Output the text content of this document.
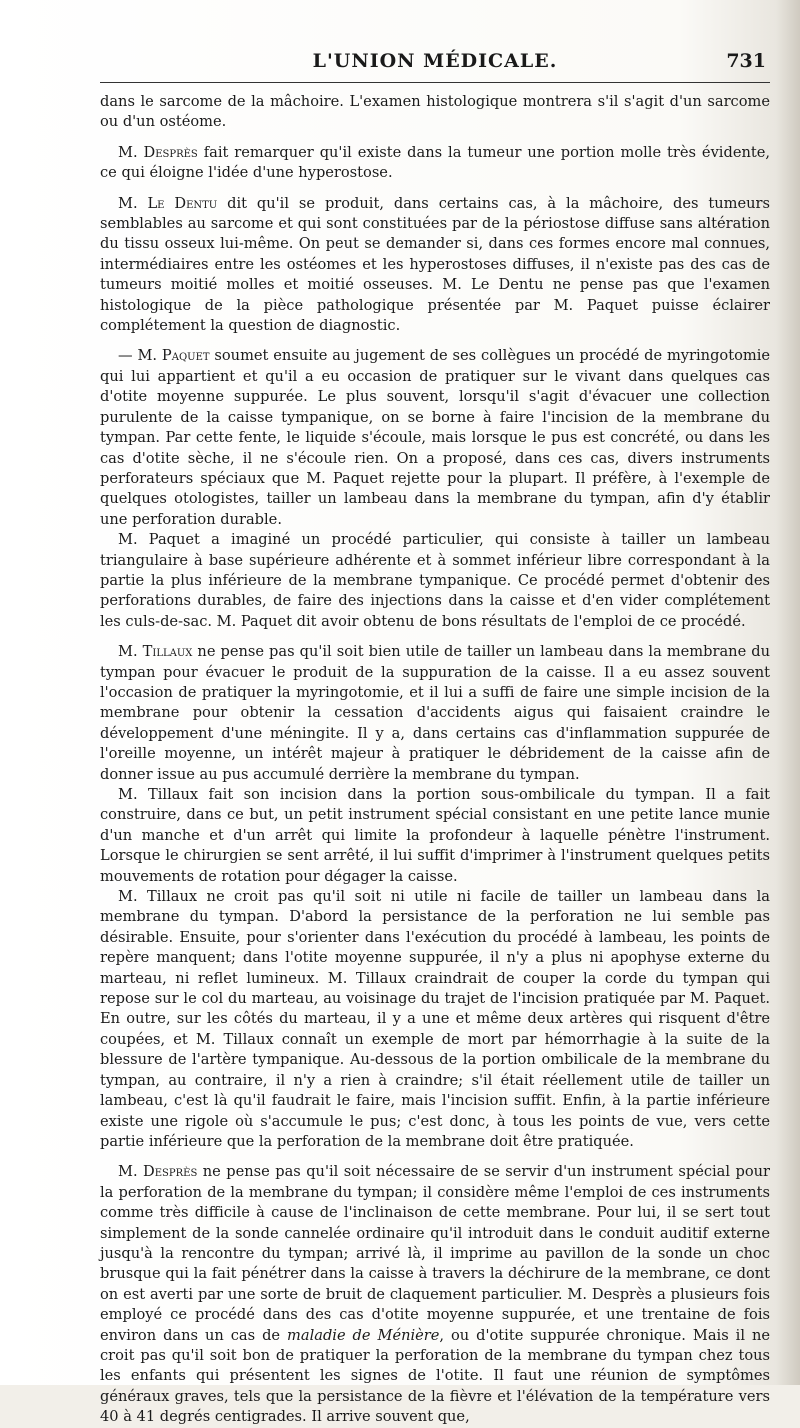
L'UNION MÉDICALE.	731

dans le sarcome de la mâchoire. L'examen histologique montrera s'il s'agit d'un sarcome ou d'un ostéome.

M. Desprès fait remarquer qu'il existe dans la tumeur une portion molle très évidente, ce qui éloigne l'idée d'une hyperostose.

M. Le Dentu dit qu'il se produit, dans certains cas, à la mâchoire, des tumeurs semblables au sarcome et qui sont constituées par de la périostose diffuse sans altération du tissu osseux lui-même. On peut se demander si, dans ces formes encore mal connues, intermédiaires entre les ostéomes et les hyperostoses diffuses, il n'existe pas des cas de tumeurs moitié molles et moitié osseuses. M. Le Dentu ne pense pas que l'examen histologique de la pièce pathologique présentée par M. Paquet puisse éclairer complétement la question de diagnostic.

— M. Paquet soumet ensuite au jugement de ses collègues un procédé de myringotomie qui lui appartient et qu'il a eu occasion de pratiquer sur le vivant dans quelques cas d'otite moyenne suppurée. Le plus souvent, lorsqu'il s'agit d'évacuer une collection purulente de la caisse tympanique, on se borne à faire l'incision de la membrane du tympan. Par cette fente, le liquide s'écoule, mais lorsque le pus est concrété, ou dans les cas d'otite sèche, il ne s'écoule rien. On a proposé, dans ces cas, divers instruments perforateurs spéciaux que M. Paquet rejette pour la plupart. Il préfère, à l'exemple de quelques otologistes, tailler un lambeau dans la membrane du tympan, afin d'y établir une perforation durable.

M. Paquet a imaginé un procédé particulier, qui consiste à tailler un lambeau triangulaire à base supérieure adhérente et à sommet inférieur libre correspondant à la partie la plus inférieure de la membrane tympanique. Ce procédé permet d'obtenir des perforations durables, de faire des injections dans la caisse et d'en vider complétement les culs-de-sac. M. Paquet dit avoir obtenu de bons résultats de l'emploi de ce procédé.

M. Tillaux ne pense pas qu'il soit bien utile de tailler un lambeau dans la membrane du tympan pour évacuer le produit de la suppuration de la caisse. Il a eu assez souvent l'occasion de pratiquer la myringotomie, et il lui a suffi de faire une simple incision de la membrane pour obtenir la cessation d'accidents aigus qui faisaient craindre le développement d'une méningite. Il y a, dans certains cas d'inflammation suppurée de l'oreille moyenne, un intérêt majeur à pratiquer le débridement de la caisse afin de donner issue au pus accumulé derrière la membrane du tympan.

M. Tillaux fait son incision dans la portion sous-ombilicale du tympan. Il a fait construire, dans ce but, un petit instrument spécial consistant en une petite lance munie d'un manche et d'un arrêt qui limite la profondeur à laquelle pénètre l'instrument. Lorsque le chirurgien se sent arrêté, il lui suffit d'imprimer à l'instrument quelques petits mouvements de rotation pour dégager la caisse.

M. Tillaux ne croit pas qu'il soit ni utile ni facile de tailler un lambeau dans la membrane du tympan. D'abord la persistance de la perforation ne lui semble pas désirable. Ensuite, pour s'orienter dans l'exécution du procédé à lambeau, les points de repère manquent; dans l'otite moyenne suppurée, il n'y a plus ni apophyse externe du marteau, ni reflet lumineux. M. Tillaux craindrait de couper la corde du tympan qui repose sur le col du marteau, au voisinage du trajet de l'incision pratiquée par M. Paquet. En outre, sur les côtés du marteau, il y a une et même deux artères qui risquent d'être coupées, et M. Tillaux connaît un exemple de mort par hémorrhagie à la suite de la blessure de l'artère tympanique. Au-dessous de la portion ombilicale de la membrane du tympan, au contraire, il n'y a rien à craindre; s'il était réellement utile de tailler un lambeau, c'est là qu'il faudrait le faire, mais l'incision suffit. Enfin, à la partie inférieure existe une rigole où s'accumule le pus; c'est donc, à tous les points de vue, vers cette partie inférieure que la perforation de la membrane doit être pratiquée.

M. Desprès ne pense pas qu'il soit nécessaire de se servir d'un instrument spécial pour la perforation de la membrane du tympan; il considère même l'emploi de ces instruments comme très difficile à cause de l'inclinaison de cette membrane. Pour lui, il se sert tout simplement de la sonde cannelée ordinaire qu'il introduit dans le conduit auditif externe jusqu'à la rencontre du tympan; arrivé là, il imprime au pavillon de la sonde un choc brusque qui la fait pénétrer dans la caisse à travers la déchirure de la membrane, ce dont on est averti par une sorte de bruit de claquement particulier. M. Desprès a plusieurs fois employé ce procédé dans des cas d'otite moyenne suppurée, et une trentaine de fois environ dans un cas de maladie de Ménière, ou d'otite suppurée chronique. Mais il ne croit pas qu'il soit bon de pratiquer la perforation de la membrane du tympan chez tous les enfants qui présentent les signes de l'otite. Il faut une réunion de symptômes généraux graves, tels que la persistance de la fièvre et l'élévation de la température vers 40 à 41 degrés centigrades. Il arrive souvent que,
